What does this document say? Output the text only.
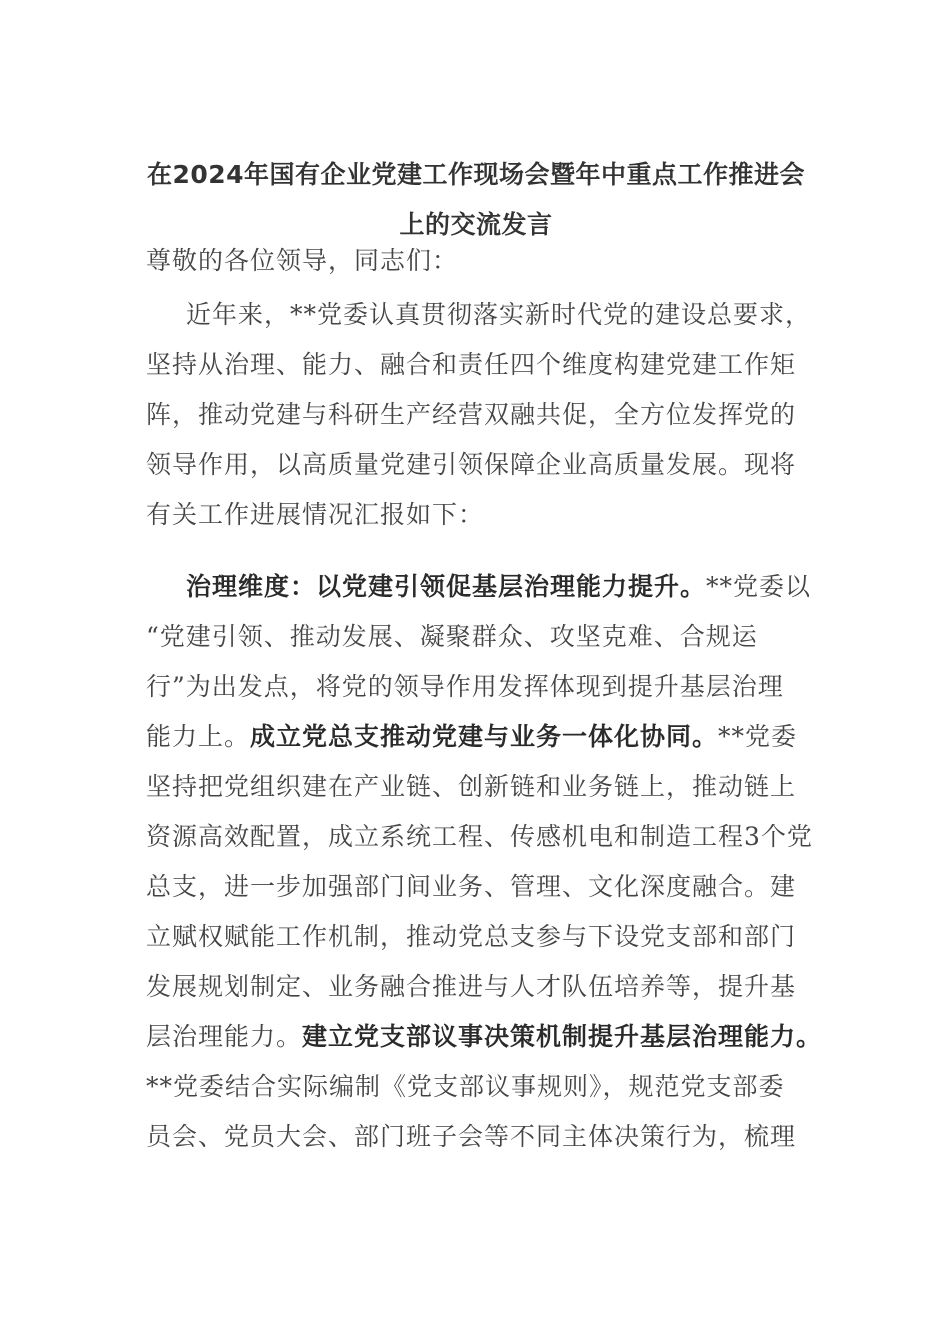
在2024年国有企业党建工作现场会暨年中重点工作推进会
上的交流发言

尊敬的各位领导，同志们：

近年来，**党委认真贯彻落实新时代党的建设总要求，
坚持从治理、能力、融合和责任四个维度构建党建工作矩
阵，推动党建与科研生产经营双融共促，全方位发挥党的
领导作用，以高质量党建引领保障企业高质量发展。现将
有关工作进展情况汇报如下：

治理维度：以党建引领促基层治理能力提升。**党委以
“党建引领、推动发展、凝聚群众、攻坚克难、合规运
行”为出发点，将党的领导作用发挥体现到提升基层治理
能力上。成立党总支推动党建与业务一体化协同。**党委
坚持把党组织建在产业链、创新链和业务链上，推动链上
资源高效配置，成立系统工程、传感机电和制造工程3个党
总支，进一步加强部门间业务、管理、文化深度融合。建
立赋权赋能工作机制，推动党总支参与下设党支部和部门
发展规划制定、业务融合推进与人才队伍培养等，提升基
层治理能力。建立党支部议事决策机制提升基层治理能力。
**党委结合实际编制《党支部议事规则》，规范党支部委
员会、党员大会、部门班子会等不同主体决策行为，梳理
